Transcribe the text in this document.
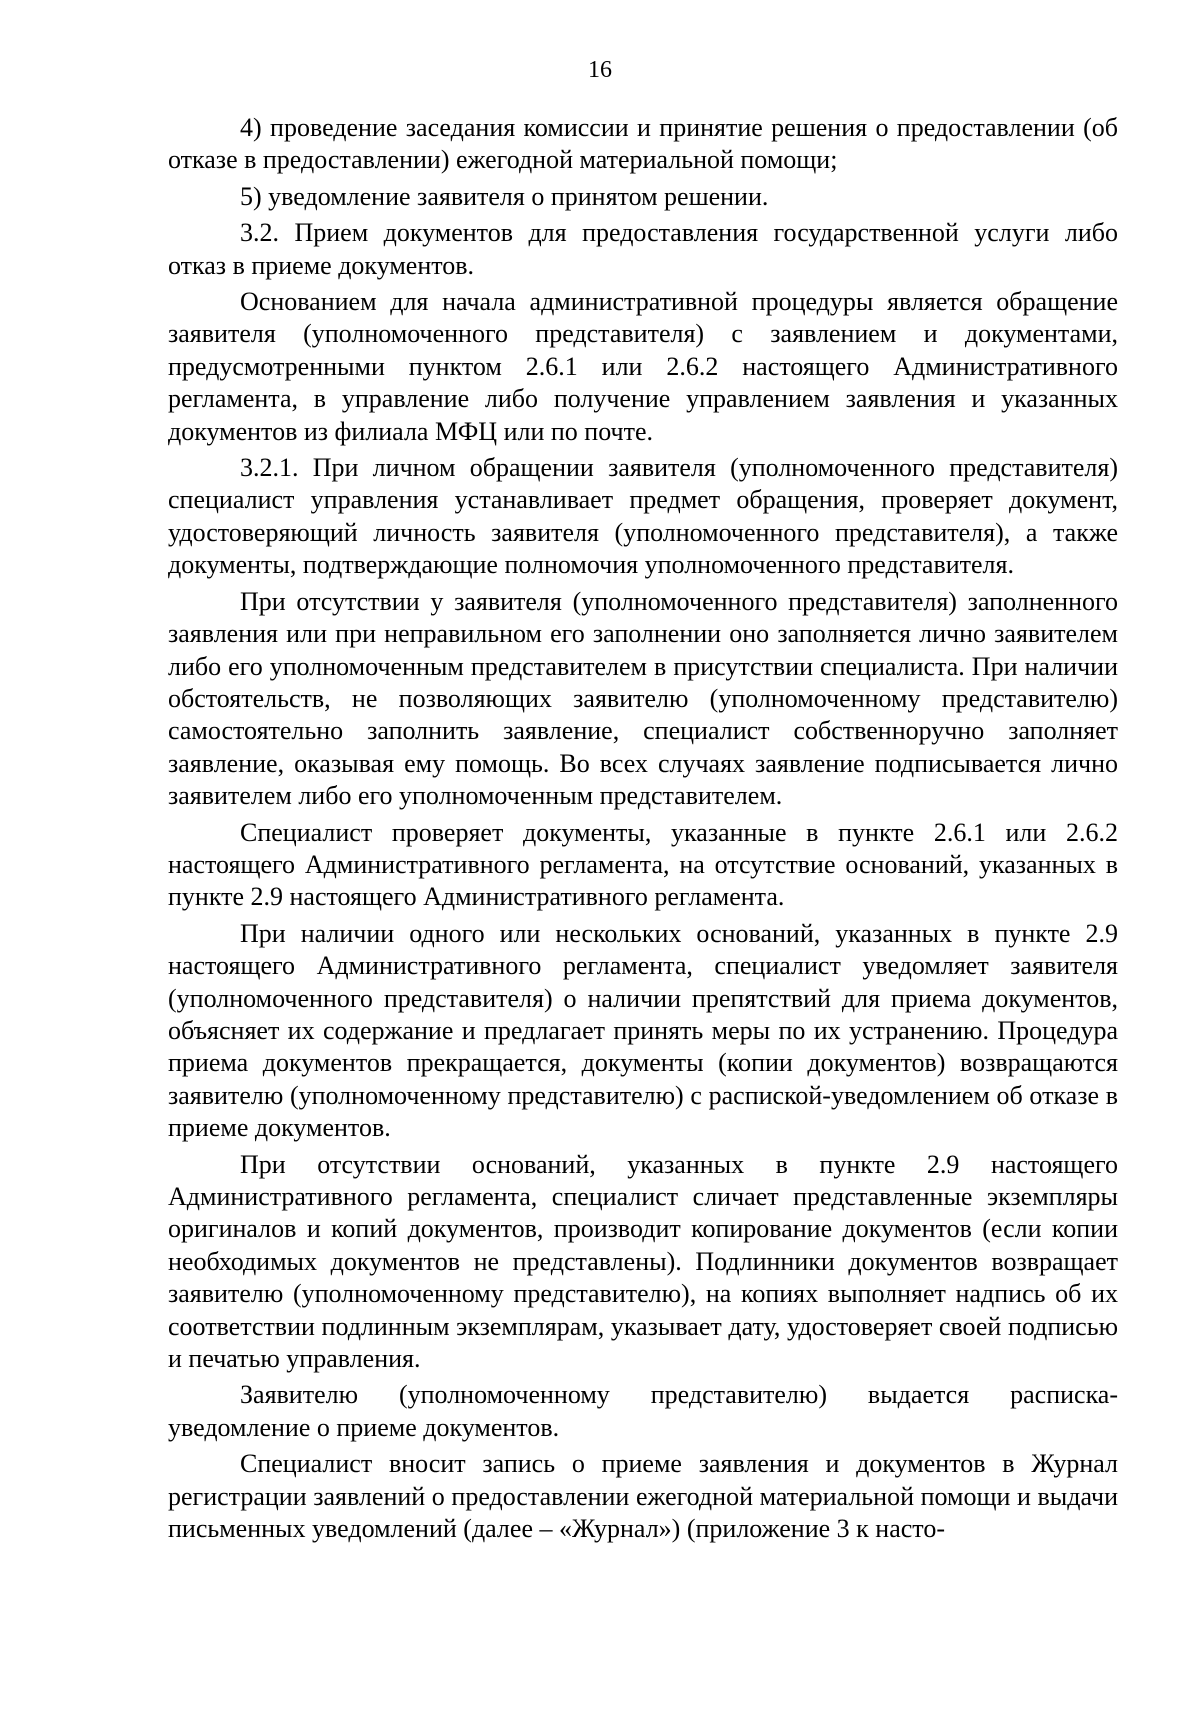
16

4) проведение заседания комиссии и принятие решения о предоставлении (об отказе в предоставлении) ежегодной материальной помощи;

5) уведомление заявителя о принятом решении.

3.2. Прием документов для предоставления государственной услуги либо отказ в приеме документов.

Основанием для начала административной процедуры является обращение заявителя (уполномоченного представителя) с заявлением и документами, предусмотренными пунктом 2.6.1 или 2.6.2 настоящего Административного регламента, в управление либо получение управлением заявления и указанных документов из филиала МФЦ или по почте.

3.2.1. При личном обращении заявителя (уполномоченного представителя) специалист управления устанавливает предмет обращения, проверяет документ, удостоверяющий личность заявителя (уполномоченного представителя), а также документы, подтверждающие полномочия уполномоченного представителя.

При отсутствии у заявителя (уполномоченного представителя) заполненного заявления или при неправильном его заполнении оно заполняется лично заявителем либо его уполномоченным представителем в присутствии специалиста. При наличии обстоятельств, не позволяющих заявителю (уполномоченному представителю) самостоятельно заполнить заявление, специалист собственноручно заполняет заявление, оказывая ему помощь. Во всех случаях заявление подписывается лично заявителем либо его уполномоченным представителем.

Специалист проверяет документы, указанные в пункте 2.6.1 или 2.6.2 настоящего Административного регламента, на отсутствие оснований, указанных в пункте 2.9 настоящего Административного регламента.

При наличии одного или нескольких оснований, указанных в пункте 2.9 настоящего Административного регламента, специалист уведомляет заявителя (уполномоченного представителя) о наличии препятствий для приема документов, объясняет их содержание и предлагает принять меры по их устранению. Процедура приема документов прекращается, документы (копии документов) возвращаются заявителю (уполномоченному представителю) с распиской-уведомлением об отказе в приеме документов.

При отсутствии оснований, указанных в пункте 2.9 настоящего Административного регламента, специалист сличает представленные экземпляры оригиналов и копий документов, производит копирование документов (если копии необходимых документов не представлены). Подлинники документов возвращает заявителю (уполномоченному представителю), на копиях выполняет надпись об их соответствии подлинным экземплярам, указывает дату, удостоверяет своей подписью и печатью управления.

Заявителю (уполномоченному представителю) выдается расписка-уведомление о приеме документов.

Специалист вносит запись о приеме заявления и документов в Журнал регистрации заявлений о предоставлении ежегодной материальной помощи и выдачи письменных уведомлений (далее – «Журнал») (приложение 3 к насто-
